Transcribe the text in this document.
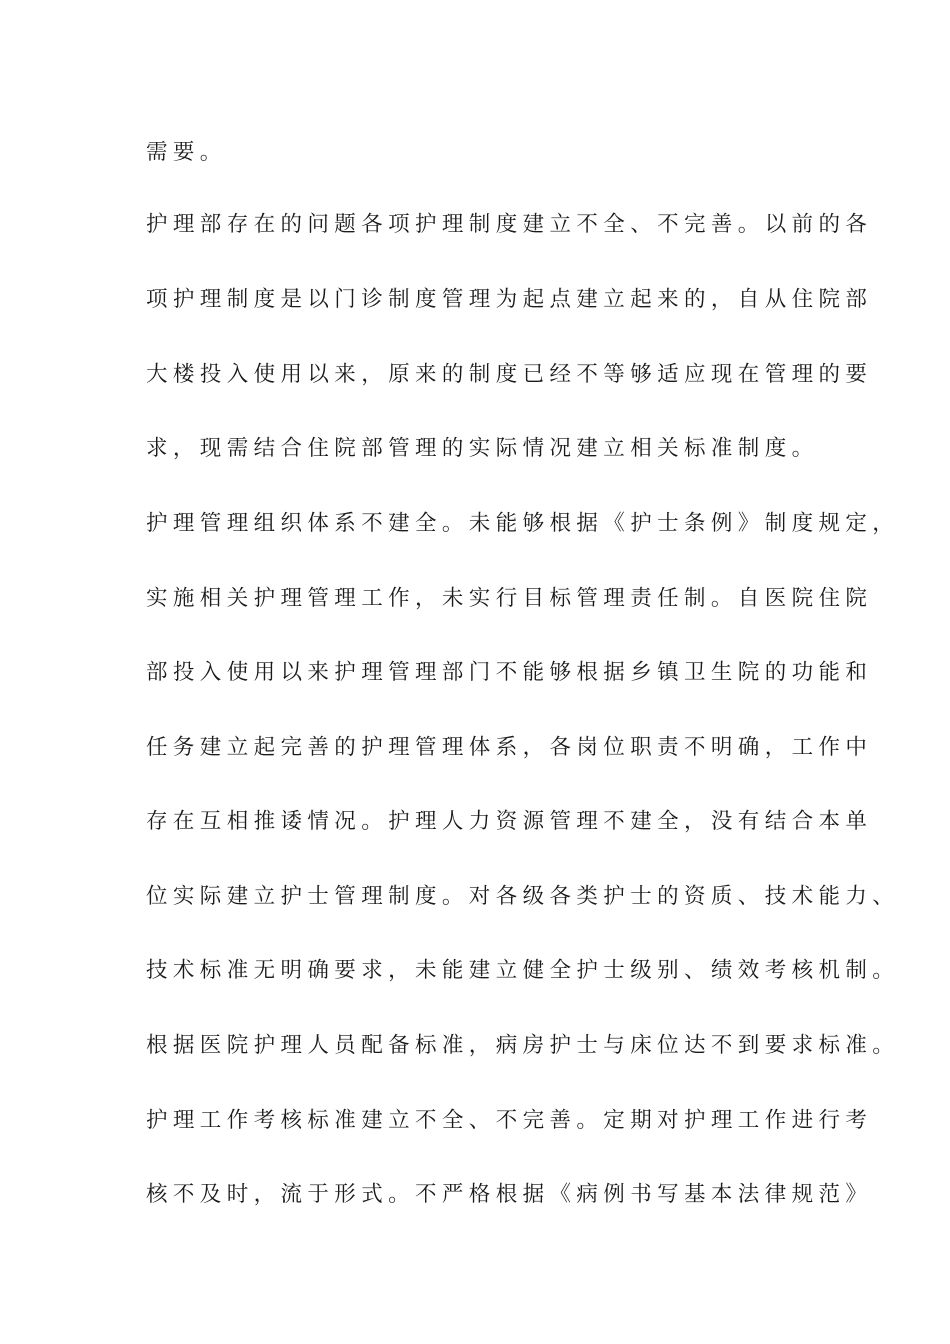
需要。
护理部存在的问题各项护理制度建立不全、不完善。以前的各
项护理制度是以门诊制度管理为起点建立起来的，自从住院部
大楼投入使用以来，原来的制度已经不等够适应现在管理的要
求，现需结合住院部管理的实际情况建立相关标准制度。
护理管理组织体系不建全。未能够根据《护士条例》制度规定，
实施相关护理管理工作，未实行目标管理责任制。自医院住院
部投入使用以来护理管理部门不能够根据乡镇卫生院的功能和
任务建立起完善的护理管理体系，各岗位职责不明确，工作中
存在互相推诿情况。护理人力资源管理不建全，没有结合本单
位实际建立护士管理制度。对各级各类护士的资质、技术能力、
技术标准无明确要求，未能建立健全护士级别、绩效考核机制。
根据医院护理人员配备标准，病房护士与床位达不到要求标准。
护理工作考核标准建立不全、不完善。定期对护理工作进行考
核不及时，流于形式。不严格根据《病例书写基本法律规范》
